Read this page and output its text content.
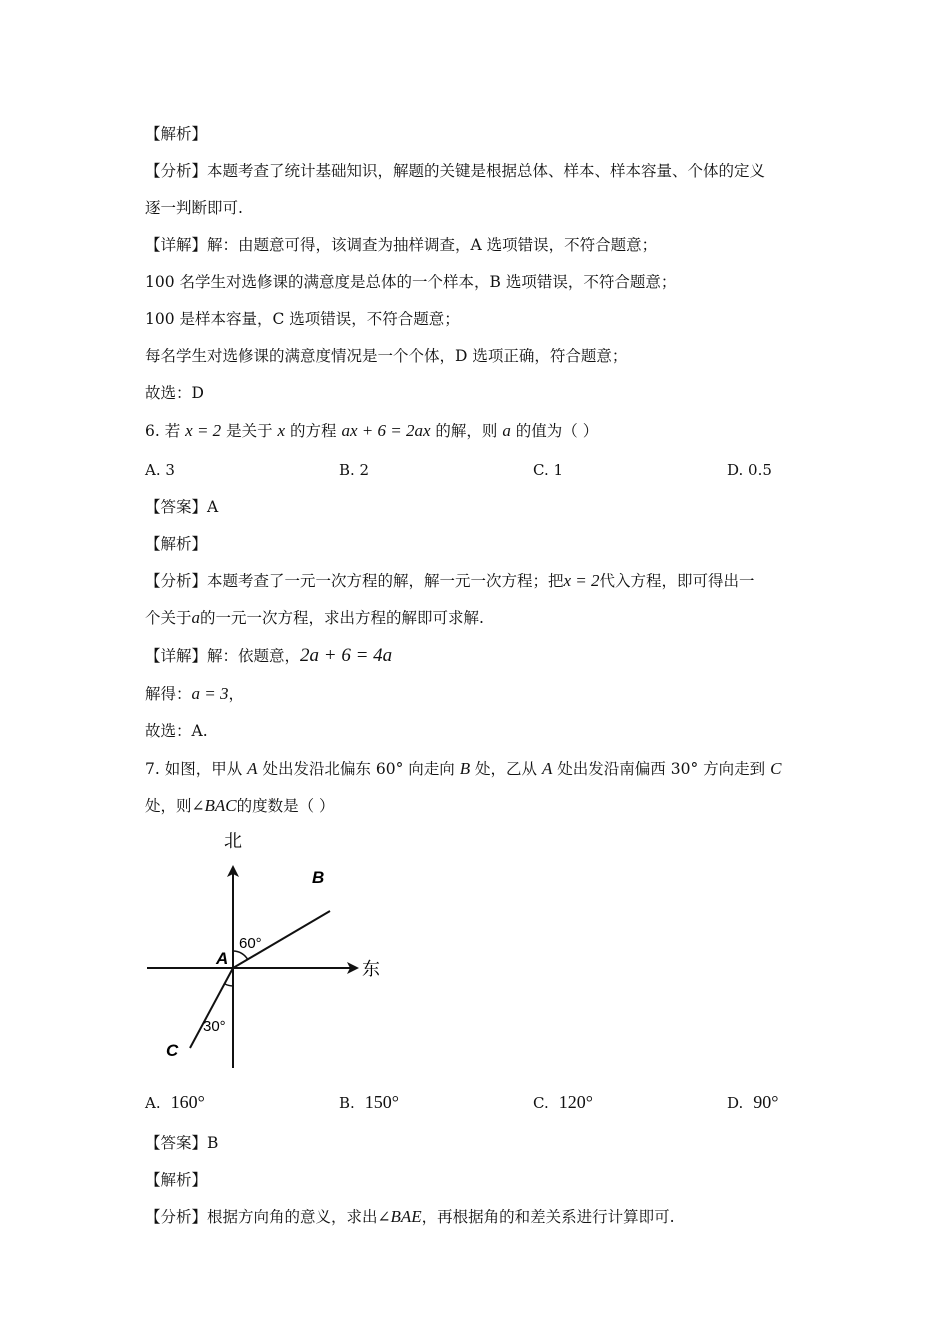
【解析】
【分析】本题考查了统计基础知识，解题的关键是根据总体、样本、样本容量、个体的定义
逐一判断即可.
【详解】解：由题意可得，该调查为抽样调查，A 选项错误，不符合题意；
100 名学生对选修课的满意度是总体的一个样本，B 选项错误，不符合题意；
100 是样本容量，C 选项错误，不符合题意；
每名学生对选修课的满意度情况是一个个体，D 选项正确，符合题意；
故选：D
6. 若 x = 2 是关于 x 的方程 ax + 6 = 2ax 的解，则 a 的值为（ ）
A. 3	B. 2	C. 1	D. 0.5
【答案】A
【解析】
【分析】本题考查了一元一次方程的解，解一元一次方程；把x = 2代入方程，即可得出一
个关于a的一元一次方程，求出方程的解即可求解.
【详解】解：依题意，2a + 6 = 4a
解得：a = 3，
故选：A.
7. 如图，甲从 A 处出发沿北偏东 60° 向走向 B 处，乙从 A 处出发沿南偏西 30° 方向走到 C
处，则∠BAC的度数是（ ）
北
东
A
B
C
60°
30°
A. 160°	B. 150°	C. 120°	D. 90°
【答案】B
【解析】
【分析】根据方向角的意义，求出∠BAE，再根据角的和差关系进行计算即可.
